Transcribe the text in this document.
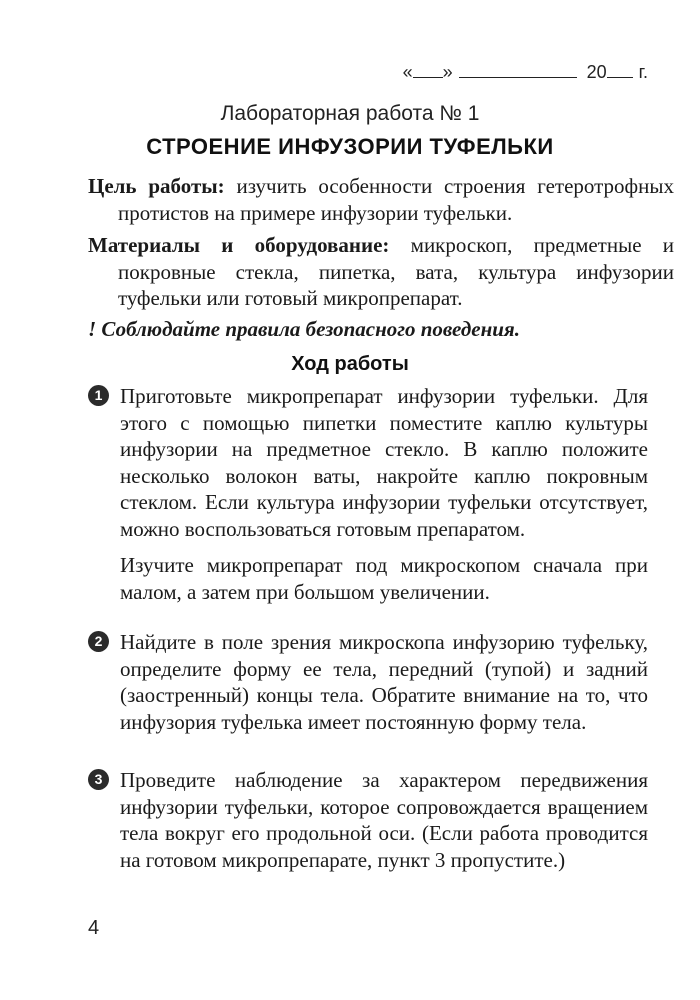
« »	20 г.
Лабораторная работа № 1
СТРОЕНИЕ ИНФУЗОРИИ ТУФЕЛЬКИ
Цель работы: изучить особенности строения гетеротрофных протистов на примере инфузории туфельки.
Материалы и оборудование: микроскоп, предметные и покровные стекла, пипетка, вата, культура инфузории туфельки или готовый микропрепарат.
! Соблюдайте правила безопасного поведения.
Ход работы
1 Приготовьте микропрепарат инфузории туфельки. Для этого с помощью пипетки поместите каплю культуры инфузории на предметное стекло. В каплю положите несколько волокон ваты, накройте каплю покровным стеклом. Если культура инфузории туфельки отсутствует, можно воспользоваться готовым препаратом.

Изучите микропрепарат под микроскопом сначала при малом, а затем при большом увеличении.

2 Найдите в поле зрения микроскопа инфузорию туфельку, определите форму ее тела, передний (тупой) и задний (заостренный) концы тела. Обратите внимание на то, что инфузория туфелька имеет постоянную форму тела.

3 Проведите наблюдение за характером передвижения инфузории туфельки, которое сопровождается вращением тела вокруг его продольной оси. (Если работа проводится на готовом микропрепарате, пункт 3 пропустите.)

4
